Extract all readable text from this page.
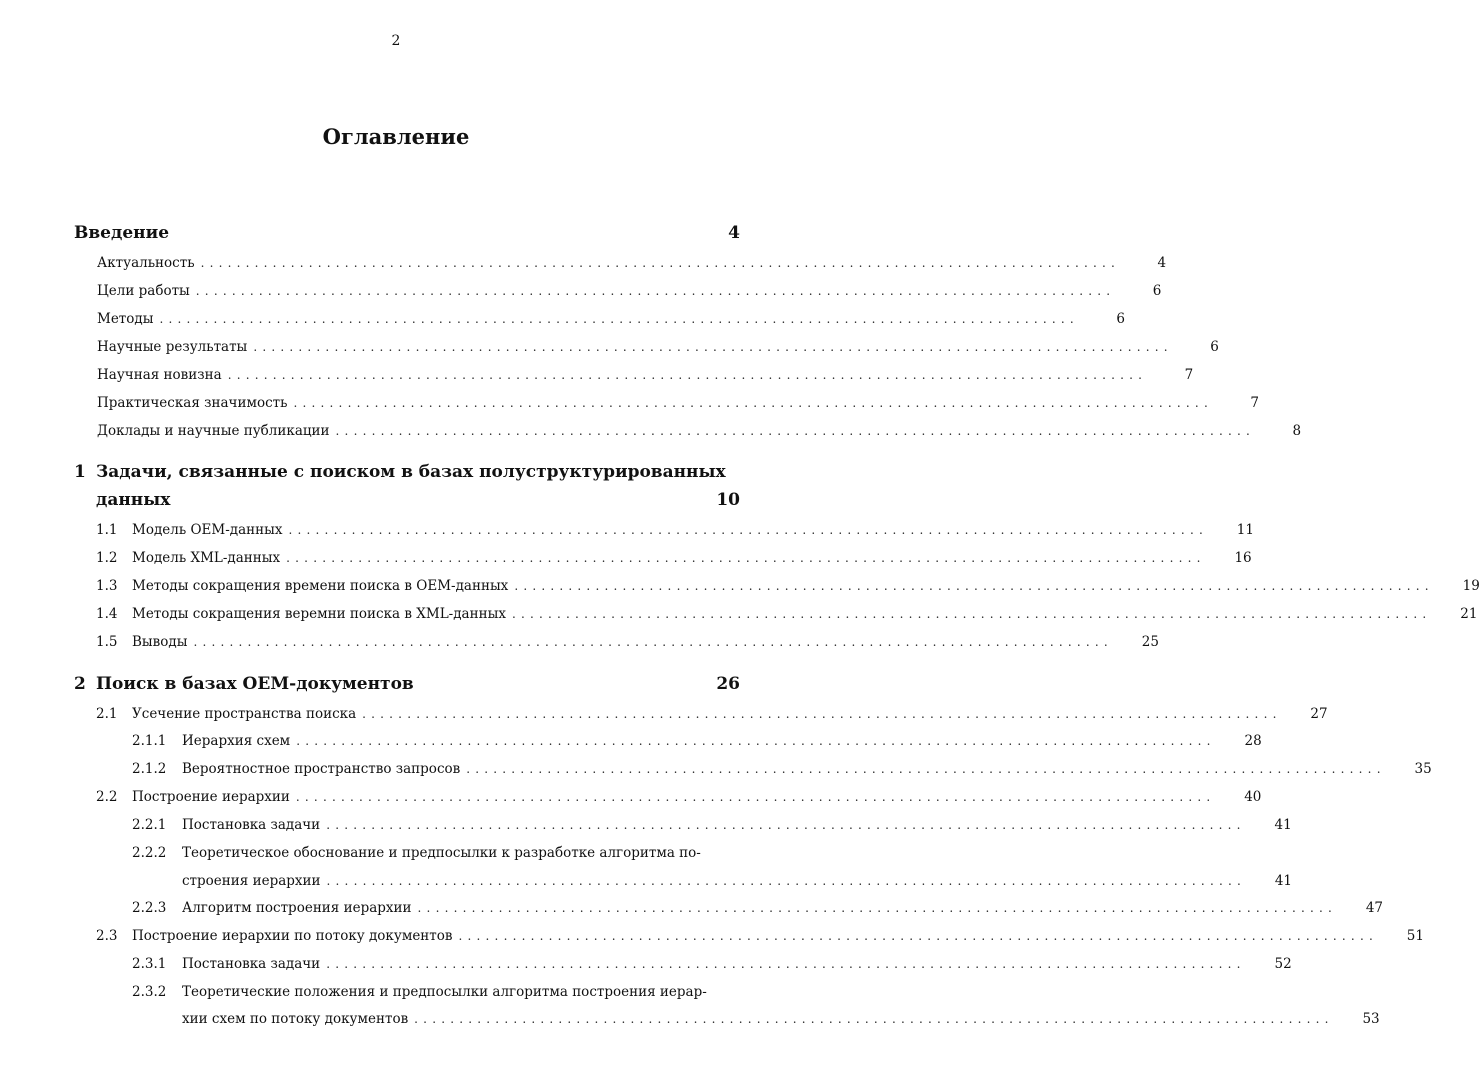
2
Оглавление
Введение	4
Актуальность ......................................................................................................	4
Цели работы ......................................................................................................	6
Методы ......................................................................................................	6
Научные результаты ......................................................................................................	6
Научная новизна ......................................................................................................	7
Практическая значимость ......................................................................................................	7
Доклады и научные публикации ......................................................................................................	8
1 Задачи, связанные с поиском в базах полуструктурированных
данных	10
1.1	Модель OEM-данных ......................................................................................................	11
1.2	Модель XML-данных ......................................................................................................	16
1.3	Методы сокращения времени поиска в OEM-данных ......................................................................................................	19
1.4	Методы сокращения веремни поиска в XML-данных ......................................................................................................	21
1.5	Выводы ......................................................................................................	25
2 Поиск в базах OEM-документов	26
2.1	Усечение пространства поиска ......................................................................................................	27
2.1.1	Иерархия схем ......................................................................................................	28
2.1.2	Вероятностное пространство запросов ......................................................................................................	35
2.2	Построение иерархии ......................................................................................................	40
2.2.1	Постановка задачи ......................................................................................................	41
2.2.2 Теоретическое обоснование и предпосылки к разработке алгоритма по-
строения иерархии ......................................................................................................	41
2.2.3	Алгоритм построения иерархии ......................................................................................................	47
2.3	Построение иерархии по потоку документов ......................................................................................................	51
2.3.1	Постановка задачи ......................................................................................................	52
2.3.2 Теоретические положения и предпосылки алгоритма построения иерар-
хии схем по потоку документов ......................................................................................................	53
